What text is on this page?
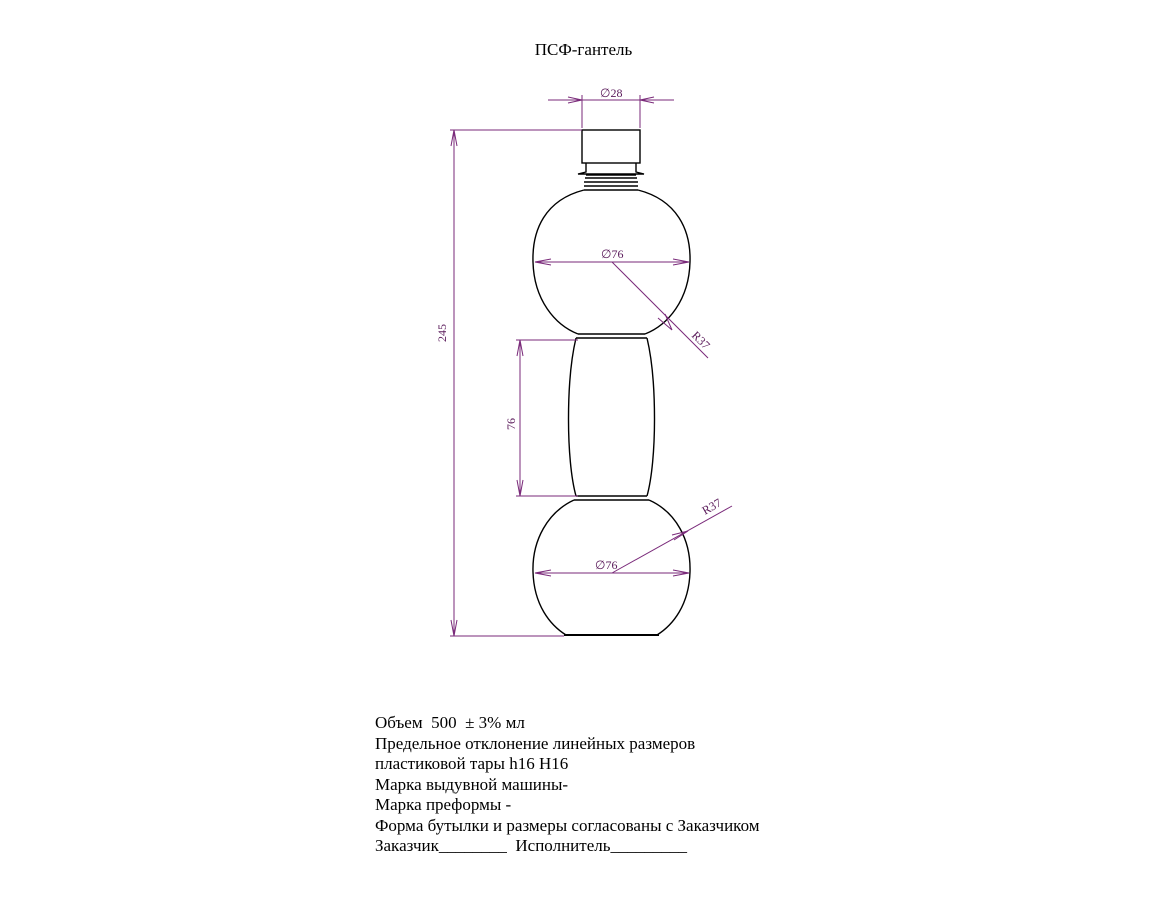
ПСФ-гантель
∅28
245
76
∅76
R37
∅76
R37
Объем  500  ± 3% мл
Предельное отклонение линейных размеров
пластиковой тары h16 H16
Марка выдувной машины-
Марка преформы -
Форма бутылки и размеры согласованы с Заказчиком
Заказчик________  Исполнитель_________
